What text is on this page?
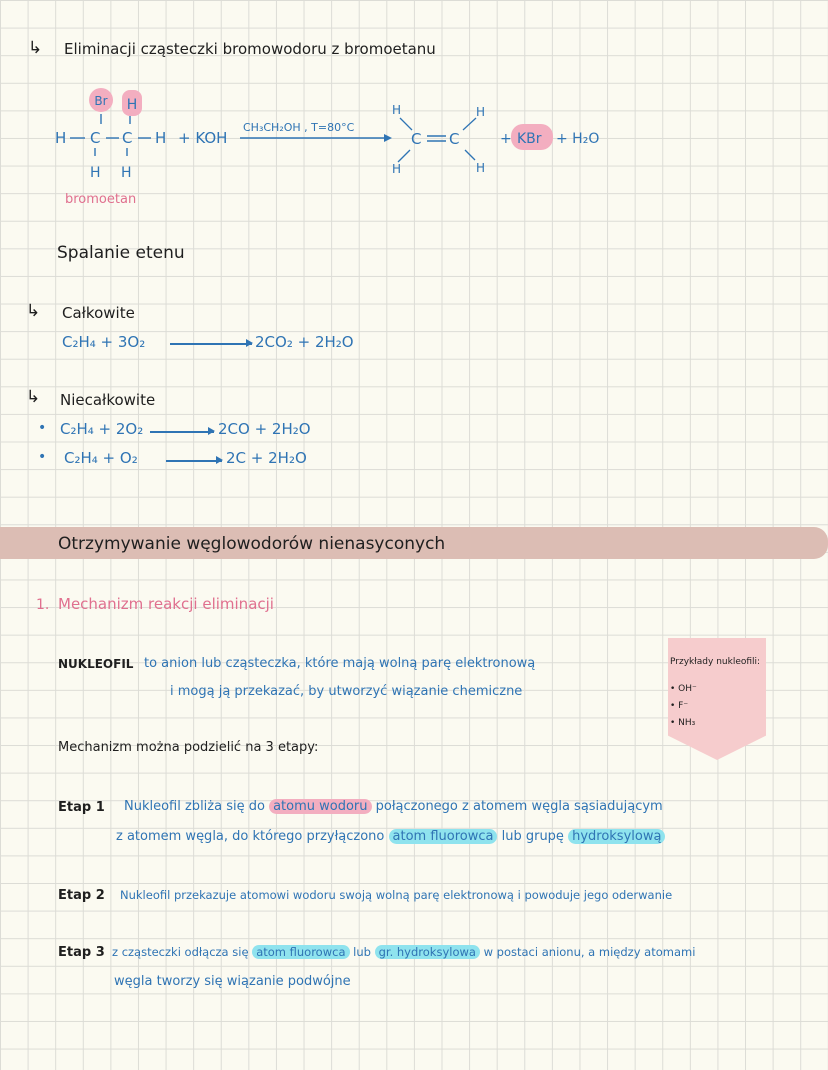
↳ Eliminacji cząsteczki bromowodoru z bromoetanu
Br H
H C C H
H H
+ KOH
CH₃CH₂OH , T=80°C
H
C C
H
H
H
+ KBr + H₂O
bromoetan
Spalanie etenu
↳ Całkowite
C₂H₄ + 3O₂	2CO₂ + 2H₂O
↳ Niecałkowite
• C₂H₄ + 2O₂ → 2CO + 2H₂O
• C₂H₄ + O₂ → 2C + 2H₂O
Otrzymywanie węglowodorów nienasyconych
1. Mechanizm reakcji eliminacji
NUKLEOFIL to anion lub cząsteczka, które mają wolną parę elektronową
i mogą ją przekazać, by utworzyć wiązanie chemiczne
Przykłady nukleofili:
• OH⁻
• F⁻
• NH₃
Mechanizm można podzielić na 3 etapy:
Etap 1 Nukleofil zbliża się do atomu wodoru połączonego z atomem węgla sąsiadującym
z atomem węgla, do którego przyłączono atom fluorowca lub grupę hydroksylową
Etap 2 Nukleofil przekazuje atomowi wodoru swoją wolną parę elektronową i powoduje jego oderwanie
Etap 3 z cząsteczki odłącza się atom fluorowca lub gr. hydroksylowa w postaci anionu, a między atomami
węgla tworzy się wiązanie podwójne
